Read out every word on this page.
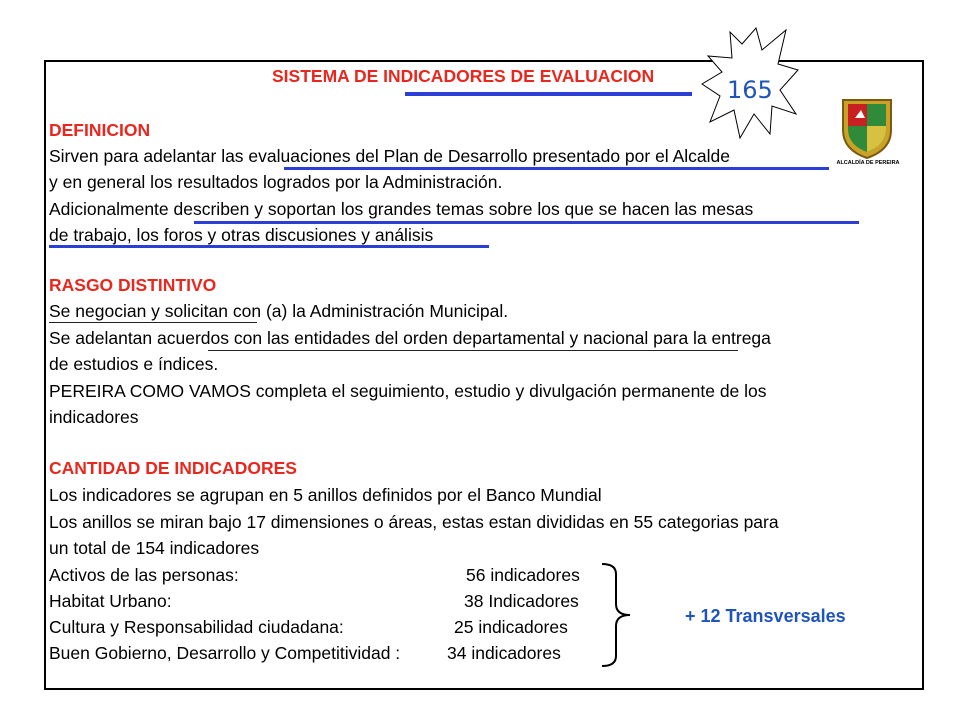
SISTEMA DE INDICADORES DE EVALUACION	165
ALCALDÍA DE PEREIRA
DEFINICION
Sirven para adelantar las evaluaciones del Plan de Desarrollo presentado por el Alcalde
y en general los resultados logrados por la Administración.
Adicionalmente describen y soportan los grandes temas sobre los que se hacen las mesas
de trabajo, los foros y otras discusiones y análisis
RASGO DISTINTIVO
Se negocian y solicitan con (a) la Administración Municipal.
Se adelantan acuerdos con las entidades del orden departamental y nacional para la entrega
de estudios e índices.
PEREIRA COMO VAMOS completa el seguimiento, estudio y divulgación permanente de los
indicadores
CANTIDAD DE INDICADORES
Los indicadores se agrupan en 5 anillos definidos por el Banco Mundial
Los anillos se miran bajo 17 dimensiones o áreas, estas estan divididas en 55 categorias para
un total de 154 indicadores
Activos de las personas:	56 indicadores
Habitat Urbano:	38 Indicadores
Cultura y Responsabilidad ciudadana:	25 indicadores
Buen Gobierno, Desarrollo y Competitividad :	34 indicadores
+ 12 Transversales
